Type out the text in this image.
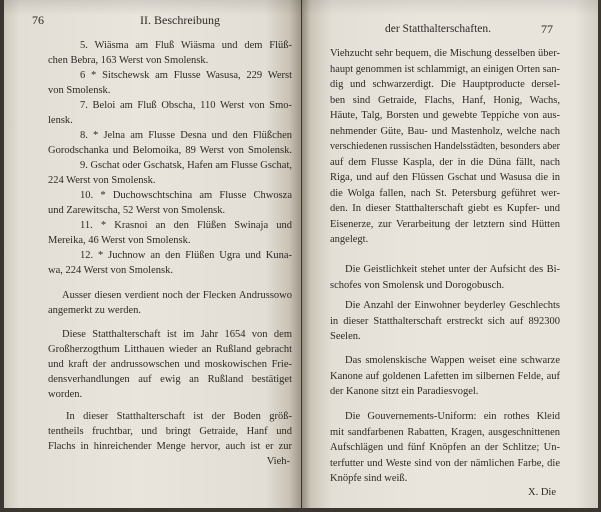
76	II. Beschreibung
5. Wiäsma am Fluß Wiäsma und dem Flüß-
chen Bebra, 163 Werst von Smolensk.
6 * Sitschewsk am Flusse Wasusa, 229 Werst
von Smolensk.
7. Beloi am Fluß Obscha, 110 Werst von Smo-
lensk.
8. * Jelna am Flusse Desna und den Flüßchen
Gorodschanka und Belomoika, 89 Werst von Smolensk.
9. Gschat oder Gschatsk, Hafen am Flusse Gschat,
224 Werst von Smolensk.
10. * Duchowschtschina am Flusse Chwosza
und Zarewitscha, 52 Werst von Smolensk.
11. * Krasnoi an den Flüßen Swinaja und
Mereika, 46 Werst von Smolensk.
12. * Juchnow an den Flüßen Ugra und Kuna-
wa, 224 Werst von Smolensk.
Ausser diesen verdient noch der Flecken Andrussowo
angemerkt zu werden.
Diese Statthalterschaft ist im Jahr 1654 von dem
Großherzogthum Litthauen wieder an Rußland gebracht
und kraft der andrussowschen und moskowischen Frie-
densverhandlungen auf ewig an Rußland bestätiget
worden.
In dieser Statthalterschaft ist der Boden größ-
tentheils fruchtbar, und bringt Getraide, Hanf und
Flachs in hinreichender Menge hervor, auch ist er zur
Vieh-
der Statthalterschaften.	77
Viehzucht sehr bequem, die Mischung desselben über-
haupt genommen ist schlammigt, an einigen Orten san-
dig und schwarzerdigt. Die Hauptproducte dersel-
ben sind Getraide, Flachs, Hanf, Honig, Wachs,
Häute, Talg, Borsten und gewebte Teppiche von aus-
nehmender Güte, Bau- und Mastenholz, welche nach
verschiedenen russischen Handelsstädten, besonders aber
auf dem Flusse Kaspla, der in die Düna fällt, nach
Riga, und auf den Flüssen Gschat und Wasusa die in
die Wolga fallen, nach St. Petersburg geführet wer-
den. In dieser Statthalterschaft giebt es Kupfer- und
Eisenerze, zur Verarbeitung der letztern sind Hütten
angelegt.
Die Geistlichkeit stehet unter der Aufsicht des Bi-
schofes von Smolensk und Dorogobusch.
Die Anzahl der Einwohner beyderley Geschlechts
in dieser Statthalterschaft erstreckt sich auf 892300
Seelen.
Das smolenskische Wappen weiset eine schwarze
Kanone auf goldenen Lafetten im silbernen Felde, auf
der Kanone sitzt ein Paradiesvogel.
Die Gouvernements-Uniform: ein rothes Kleid
mit sandfarbenen Rabatten, Kragen, ausgeschnittenen
Aufschlägen und fünf Knöpfen an der Schlitze; Un-
terfutter und Weste sind von der nämlichen Farbe, die
Knöpfe sind weiß.
X. Die
